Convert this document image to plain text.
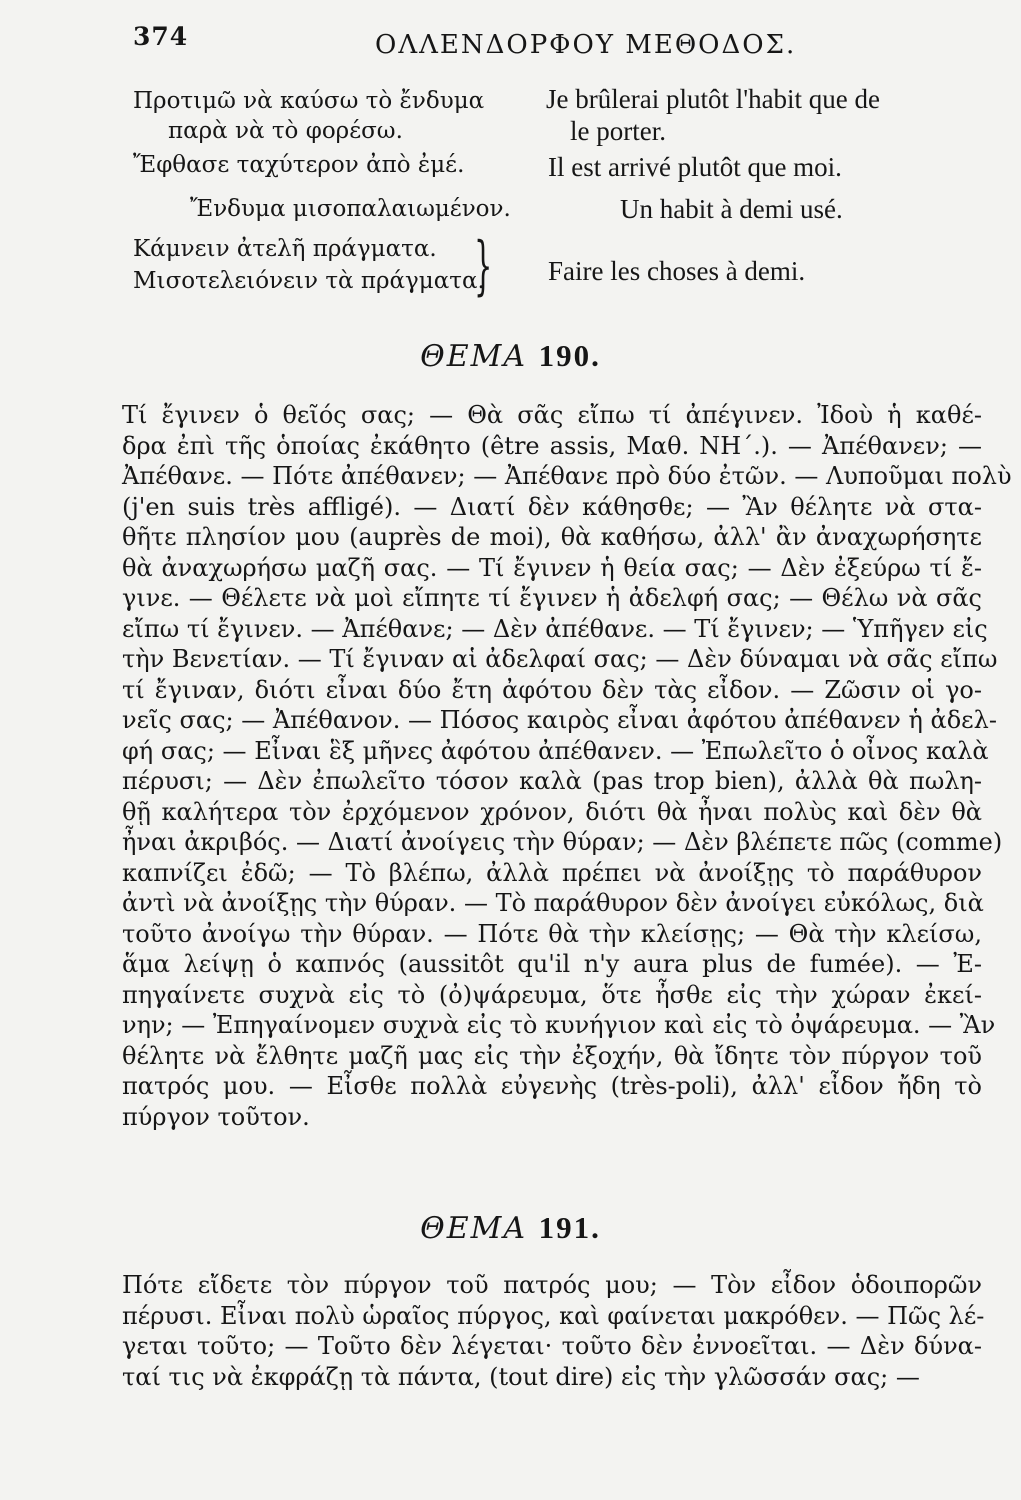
374	ΟΛΛΕΝΔΟΡΦΟΥ ΜΕΘΟΔΟΣ.
Προτιμῶ νὰ καύσω τὸ ἔνδυμα Je brûlerai plutôt l'habit que de
παρὰ νὰ τὸ φορέσω.	le porter.
Ἔφθασε ταχύτερον ἀπὸ ἐμέ.	Il est arrivé plutôt que moi.
Ἔνδυμα μισοπαλαιωμένον.	Un habit à demi usé.
Κάμνειν ἀτελῆ πράγματα.
Μισοτελειόνειν τὰ πράγματα.
} Faire les choses à demi.
ΘΕΜΑ 190.
Τί ἔγινεν ὁ θεῖός σας; — Θὰ σᾶς εἴπω τί ἀπέγινεν. Ἰδοὺ ἡ καθέ-
δρα ἐπὶ τῆς ὁποίας ἐκάθητο (être assis, Μαθ. ΝΗ΄.). — Ἀπέθανεν; —
Ἀπέθανε. — Πότε ἀπέθανεν; — Ἀπέθανε πρὸ δύο ἐτῶν. — Λυποῦμαι πολὺ
(j'en suis très affligé). — Διατί δὲν κάθησθε; — Ἂν θέλητε νὰ στα-
θῆτε πλησίον μου (auprès de moi), θὰ καθήσω, ἀλλ' ἂν ἀναχωρήσητε
θὰ ἀναχωρήσω μαζῆ σας. — Τί ἔγινεν ἡ θεία σας; — Δὲν ἐξεύρω τί ἔ-
γινε. — Θέλετε νὰ μοὶ εἴπητε τί ἔγινεν ἡ ἀδελφή σας; — Θέλω νὰ σᾶς
εἴπω τί ἔγινεν. — Ἀπέθανε; — Δὲν ἀπέθανε. — Τί ἔγινεν; — Ὑπῆγεν εἰς
τὴν Βενετίαν. — Τί ἔγιναν αἱ ἀδελφαί σας; — Δὲν δύναμαι νὰ σᾶς εἴπω
τί ἔγιναν, διότι εἶναι δύο ἔτη ἀφότου δὲν τὰς εἶδον. — Ζῶσιν οἱ γο-
νεῖς σας; — Ἀπέθανον. — Πόσος καιρὸς εἶναι ἀφότου ἀπέθανεν ἡ ἀδελ-
φή σας; — Εἶναι ἓξ μῆνες ἀφότου ἀπέθανεν. — Ἐπωλεῖτο ὁ οἶνος καλὰ
πέρυσι; — Δὲν ἐπωλεῖτο τόσον καλὰ (pas trop bien), ἀλλὰ θὰ πωλη-
θῇ καλήτερα τὸν ἐρχόμενον χρόνον, διότι θὰ ἦναι πολὺς καὶ δὲν θὰ
ἦναι ἀκριβός. — Διατί ἀνοίγεις τὴν θύραν; — Δὲν βλέπετε πῶς (comme)
καπνίζει ἐδῶ; — Τὸ βλέπω, ἀλλὰ πρέπει νὰ ἀνοίξῃς τὸ παράθυρον
ἀντὶ νὰ ἀνοίξῃς τὴν θύραν. — Τὸ παράθυρον δὲν ἀνοίγει εὐκόλως, διὰ
τοῦτο ἀνοίγω τὴν θύραν. — Πότε θὰ τὴν κλείσῃς; — Θὰ τὴν κλείσω,
ἅμα λείψῃ ὁ καπνός (aussitôt qu'il n'y aura plus de fumée). — Ἐ-
πηγαίνετε συχνὰ εἰς τὸ (ὀ)ψάρευμα, ὅτε ἦσθε εἰς τὴν χώραν ἐκεί-
νην; — Ἐπηγαίνομεν συχνὰ εἰς τὸ κυνήγιον καὶ εἰς τὸ ὀψάρευμα. — Ἂν
θέλητε νὰ ἔλθητε μαζῆ μας εἰς τὴν ἐξοχήν, θὰ ἴδητε τὸν πύργον τοῦ
πατρός μου. — Εἶσθε πολλὰ εὐγενὴς (très-poli), ἀλλ' εἶδον ἤδη τὸ
πύργον τοῦτον.
ΘΕΜΑ 191.
Πότε εἴδετε τὸν πύργον τοῦ πατρός μου; — Τὸν εἶδον ὁδοιπορῶν
πέρυσι. Εἶναι πολὺ ὡραῖος πύργος, καὶ φαίνεται μακρόθεν. — Πῶς λέ-
γεται τοῦτο; — Τοῦτο δὲν λέγεται· τοῦτο δὲν ἐννοεῖται. — Δὲν δύνα-
ταί τις νὰ ἐκφράζῃ τὰ πάντα, (tout dire) εἰς τὴν γλῶσσάν σας; —
